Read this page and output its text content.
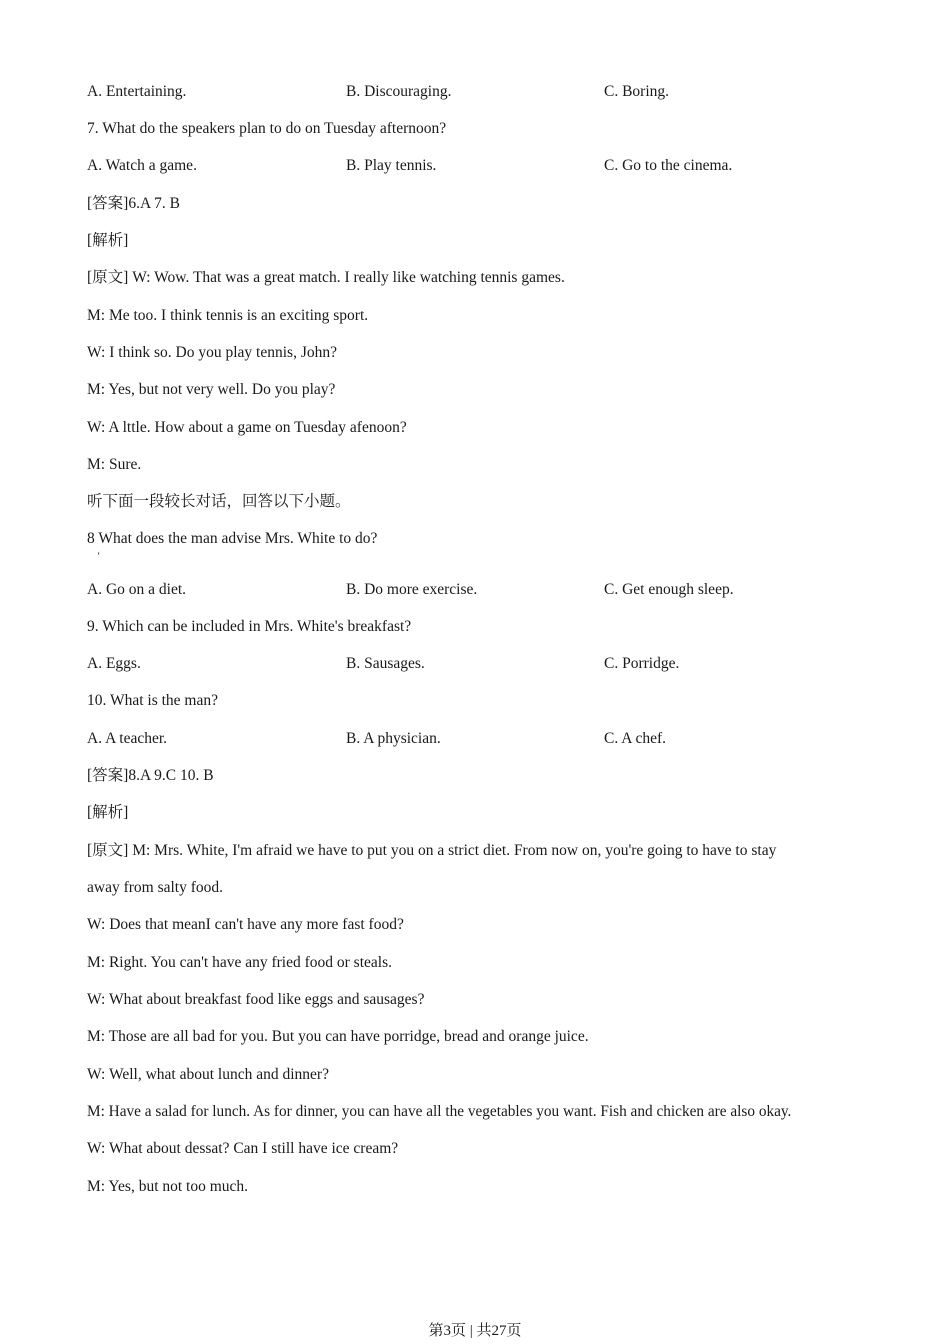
A. Entertaining.	B. Discouraging.	C. Boring.
7. What do the speakers plan to do on Tuesday afternoon?
A. Watch a game.	B. Play tennis.	C. Go to the cinema.
[答案]6.A 7. B
[解析]
[原文] W: Wow. That was a great match. I really like watching tennis games.
M: Me too. I think tennis is an exciting sport.
W: I think so. Do you play tennis, John?
M: Yes, but not very well. Do you play?
W: A lttle. How about a game on Tuesday afenoon?
M: Sure.
听下面一段较长对话，回答以下小题。
8 What does the man advise Mrs. White to do?
‘
A. Go on a diet.	B. Do more exercise.	C. Get enough sleep.
9. Which can be included in Mrs. White's breakfast?
A. Eggs.	B. Sausages.	C. Porridge.
10. What is the man?
A. A teacher.	B. A physician.	C. A chef.
[答案]8.A 9.C 10. B
[解析]
[原文] M: Mrs. White, I'm afraid we have to put you on a strict diet. From now on, you're going to have to stay
away from salty food.
W: Does that meanI can't have any more fast food?
M: Right. You can't have any fried food or steals.
W: What about breakfast food like eggs and sausages?
M: Those are all bad for you. But you can have porridge, bread and orange juice.
W: Well, what about lunch and dinner?
M: Have a salad for lunch. As for dinner, you can have all the vegetables you want. Fish and chicken are also okay.
W: What about dessat? Can I still have ice cream?
M: Yes, but not too much.
第3页 | 共27页
